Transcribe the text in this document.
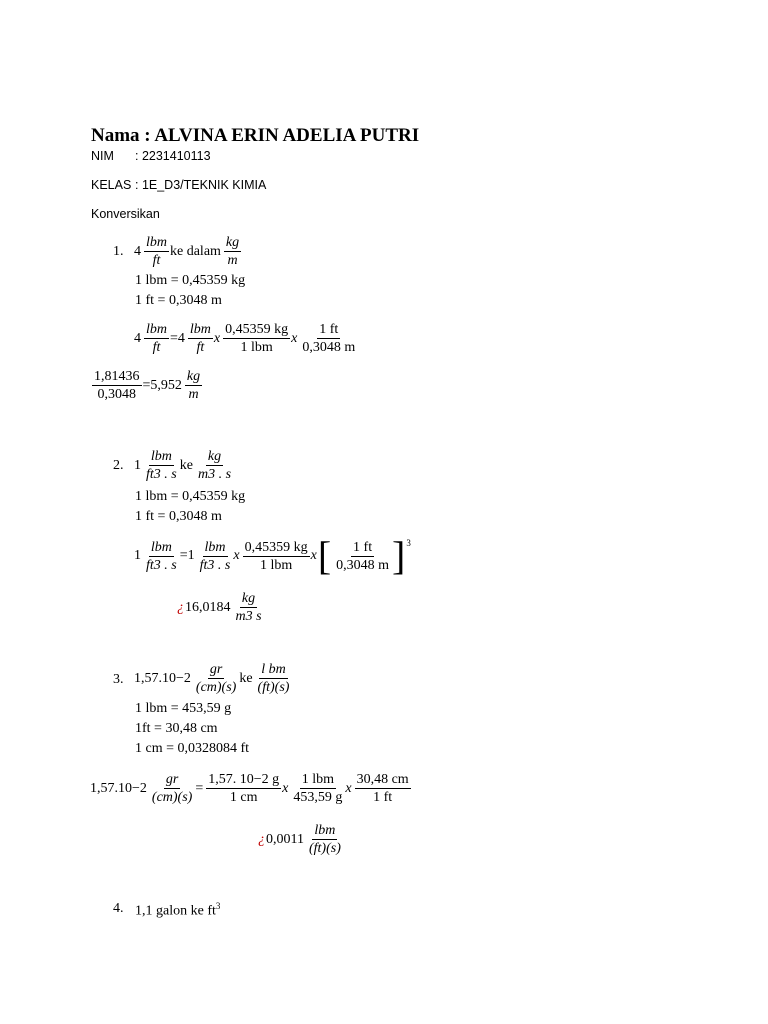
Nama : ALVINA ERIN ADELIA PUTRI
NIM : 2231410113
KELAS : 1E_D3/TEKNIK KIMIA
Konversikan
1. $4 \frac{\text{lbm}}{ft}$ ke dalam $\frac{kg}{m}$
1 lbm = 0,45359 kg
1 ft = 0,3048 m
$4 \frac{\text{lbm}}{ft} =4 \frac{\text{lbm}}{ft}$ x $\frac{0,45359 kg}{\text{1 lbm}}$ x $\frac{1 ft}{0,3048 m}$
$\frac{1,81436}{0,3048} =5,952 \frac{kg}{m}$
2. $1 \frac{\text{lbm}}{ft3 . s}$ ke $\frac{kg}{m3 . s}$
1 lbm = 0,45359 kg
1 ft = 0,3048 m
$1 \frac{\text{lbm}}{ft3 . s} =1 \frac{\text{lbm}}{ft3 . s}$ x $\frac{0,45359 kg}{\text{1 lbm}}$ x [ $\frac{1 ft}{0,3048 m}$ ] 3
¿ $16,0184 \frac{kg}{m3 s}$
3. $1,57.10-2 \frac{gr}{(cm)(s)}$ ke $\frac{\text{l bm}}{(ft)(s)}$
1 lbm = 453,59 g
1ft = 30,48 cm
1 cm = 0,0328084 ft
$1,57.10-2 \frac{gr}{(cm)(s)} = \frac{1,57. 10-2 g}{1 cm}$ x $\frac{\text{1 lbm}}{453,59 g}$ x $\frac{30,48 cm}{1 ft}$
¿ $0,0011 \frac{\text{lbm}}{(ft)(s)}$
4. 1,1 galon ke $ft^3$
